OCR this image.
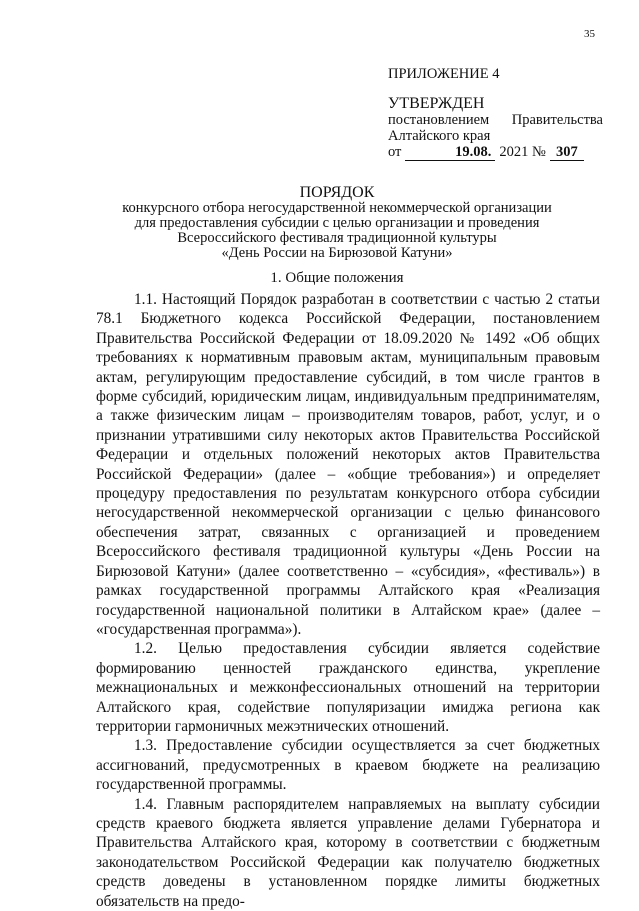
35
ПРИЛОЖЕНИЕ 4
УТВЕРЖДЕН
постановлением Правительства
Алтайского края
от	19.08. 2021 № 307
ПОРЯДОК
конкурсного отбора негосударственной некоммерческой организации
для предоставления субсидии с целью организации и проведения
Всероссийского фестиваля традиционной культуры
«День России на Бирюзовой Катуни»
1. Общие положения

1.1. Настоящий Порядок разработан в соответствии с частью 2 статьи 78.1 Бюджетного кодекса Российской Федерации, постановлением Правительства Российской Федерации от 18.09.2020 № 1492 «Об общих требованиях к нормативным правовым актам, муниципальным правовым актам, регулирующим предоставление субсидий, в том числе грантов в форме субсидий, юридическим лицам, индивидуальным предпринимателям, а также физическим лицам – производителям товаров, работ, услуг, и о признании утратившими силу некоторых актов Правительства Российской Федерации и отдельных положений некоторых актов Правительства Российской Федерации» (далее – «общие требования») и определяет процедуру предоставления по результатам конкурсного отбора субсидии негосударственной некоммерческой организации с целью финансового обеспечения затрат, связанных с организацией и проведением Всероссийского фестиваля традиционной культуры «День России на Бирюзовой Катуни» (далее соответственно – «субсидия», «фестиваль») в рамках государственной программы Алтайского края «Реализация государственной национальной политики в Алтайском крае» (далее – «государственная программа»).

1.2. Целью предоставления субсидии является содействие формированию ценностей гражданского единства, укрепление межнациональных и межконфессиональных отношений на территории Алтайского края, содействие популяризации имиджа региона как территории гармоничных межэтнических отношений.

1.3. Предоставление субсидии осуществляется за счет бюджетных ассигнований, предусмотренных в краевом бюджете на реализацию государственной программы.

1.4. Главным распорядителем направляемых на выплату субсидии средств краевого бюджета является управление делами Губернатора и Правительства Алтайского края, которому в соответствии с бюджетным законодательством Российской Федерации как получателю бюджетных средств доведены в установленном порядке лимиты бюджетных обязательств на предо-
